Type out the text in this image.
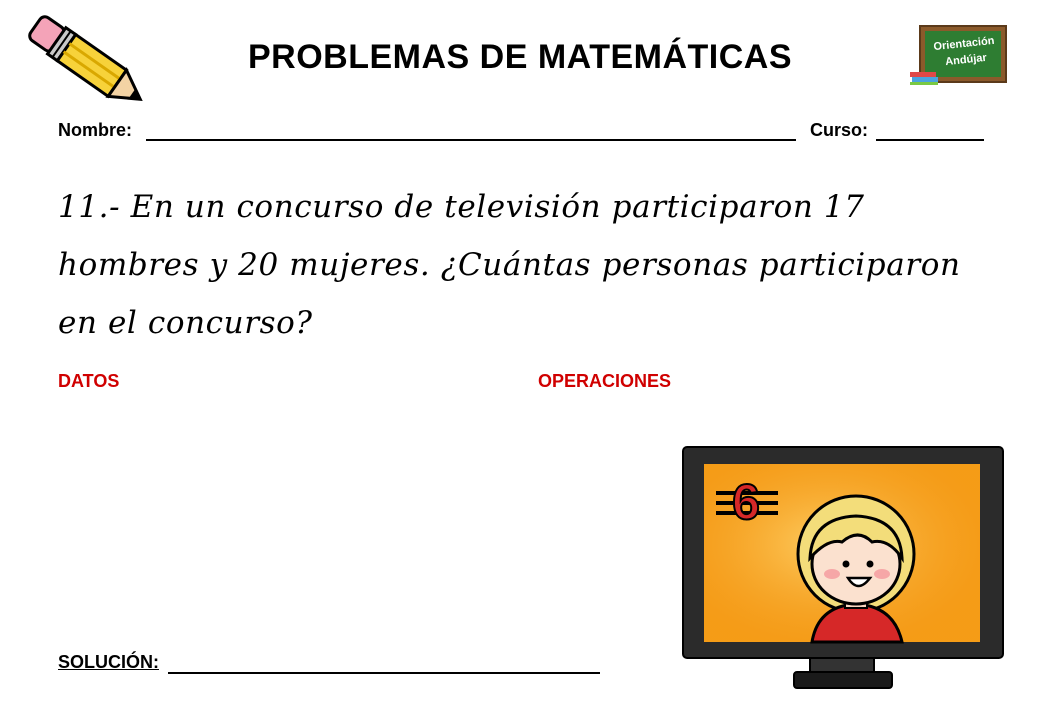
PROBLEMAS DE MATEMÁTICAS	Orientación
Andújar
Nombre:	Curso:
11.- En un concurso de televisión participaron 17 hombres y 20 mujeres. ¿Cuántas personas participaron en el concurso?
DATOS	OPERACIONES
SOLUCIÓN:
6
